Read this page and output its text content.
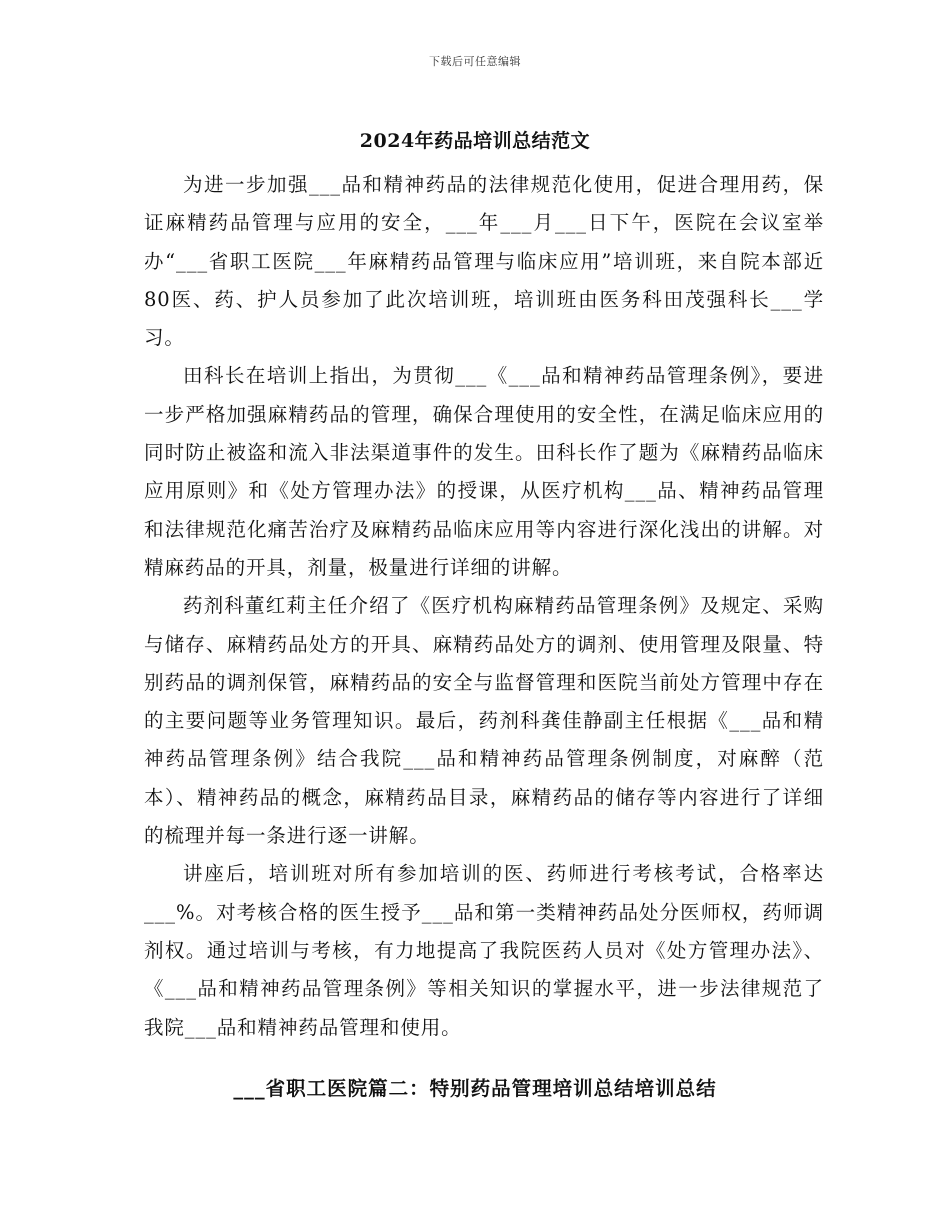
下载后可任意编辑
2024年药品培训总结范文

为进一步加强___品和精神药品的法律规范化使用，促进合理用药，保证麻精药品管理与应用的安全，___年___月___日下午，医院在会议室举办“___省职工医院___年麻精药品管理与临床应用”培训班，来自院本部近80医、药、护人员参加了此次培训班，培训班由医务科田茂强科长___学习。

田科长在培训上指出，为贯彻___《___品和精神药品管理条例》，要进一步严格加强麻精药品的管理，确保合理使用的安全性，在满足临床应用的同时防止被盗和流入非法渠道事件的发生。田科长作了题为《麻精药品临床应用原则》和《处方管理办法》的授课，从医疗机构___品、精神药品管理和法律规范化痛苦治疗及麻精药品临床应用等内容进行深化浅出的讲解。对精麻药品的开具，剂量，极量进行详细的讲解。

药剂科董红莉主任介绍了《医疗机构麻精药品管理条例》及规定、采购与储存、麻精药品处方的开具、麻精药品处方的调剂、使用管理及限量、特别药品的调剂保管，麻精药品的安全与监督管理和医院当前处方管理中存在的主要问题等业务管理知识。最后，药剂科龚佳静副主任根据《___品和精神药品管理条例》结合我院___品和精神药品管理条例制度，对麻醉（范本）、精神药品的概念，麻精药品目录，麻精药品的储存等内容进行了详细的梳理并每一条进行逐一讲解。

讲座后，培训班对所有参加培训的医、药师进行考核考试，合格率达___%。对考核合格的医生授予___品和第一类精神药品处分医师权，药师调剂权。通过培训与考核，有力地提高了我院医药人员对《处方管理办法》、《___品和精神药品管理条例》等相关知识的掌握水平，进一步法律规范了我院___品和精神药品管理和使用。

___省职工医院篇二：特别药品管理培训总结培训总结
